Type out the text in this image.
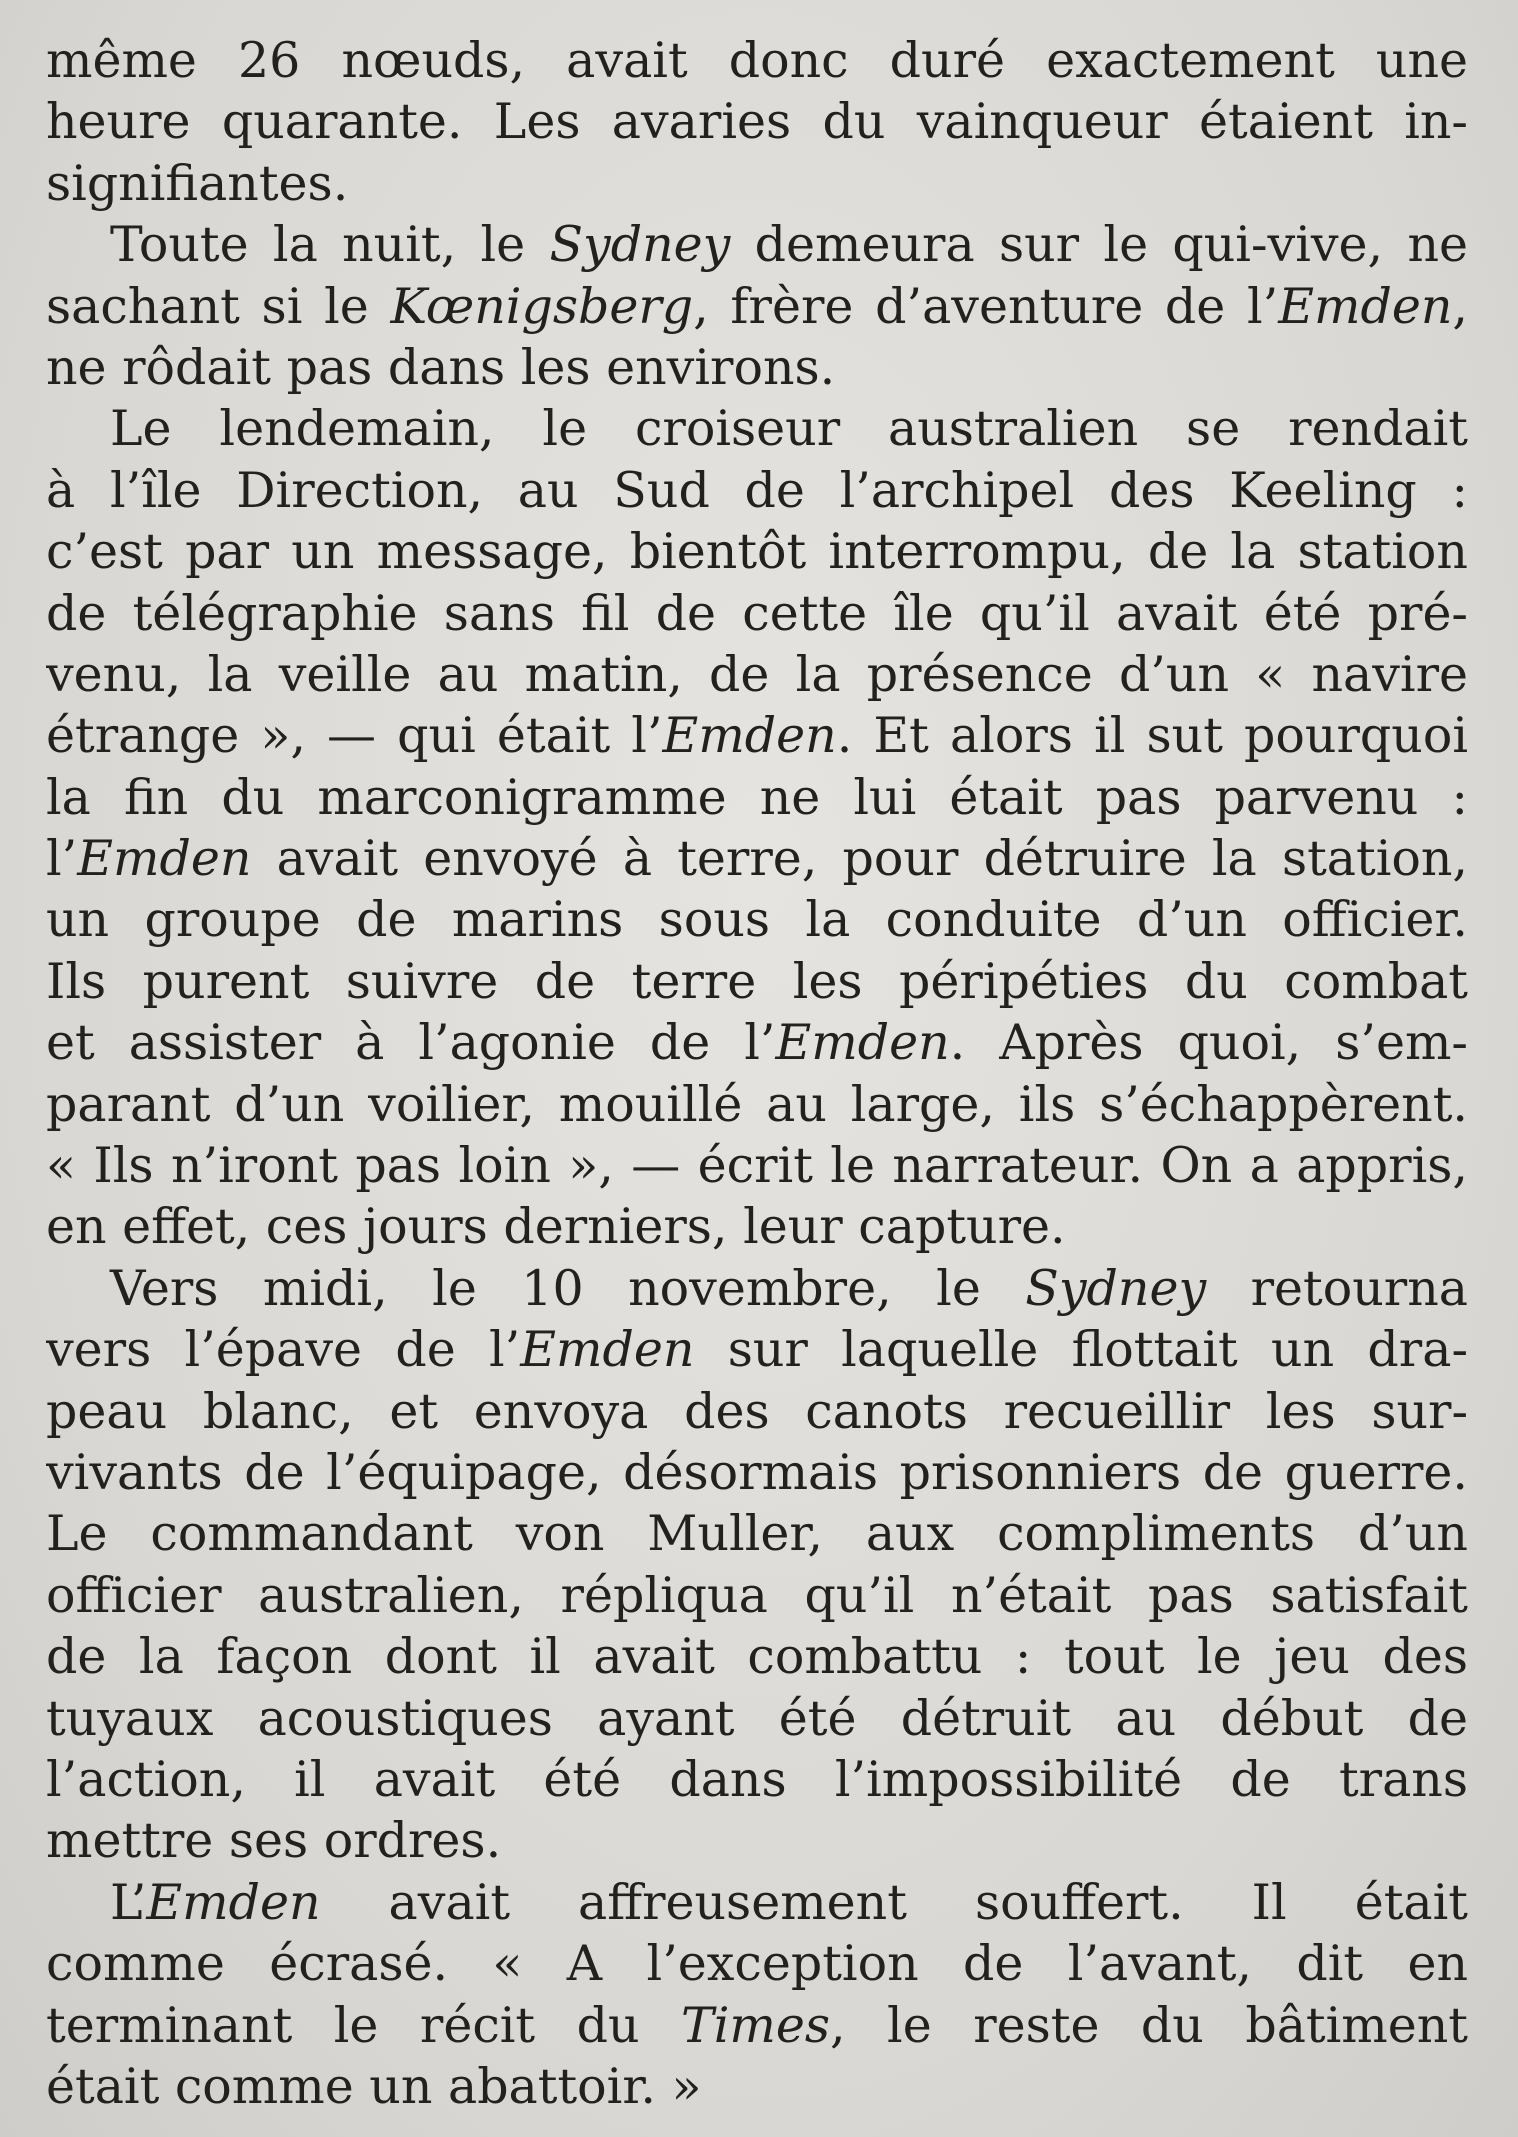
même 26 nœuds, avait donc duré exactement une
heure quarante. Les avaries du vainqueur étaient in-
signifiantes.
Toute la nuit, le Sydney demeura sur le qui-vive, ne
sachant si le Kœnigsberg, frère d’aventure de l’Emden,
ne rôdait pas dans les environs.
Le lendemain, le croiseur australien se rendait
à l’île Direction, au Sud de l’archipel des Keeling :
c’est par un message, bientôt interrompu, de la station
de télégraphie sans fil de cette île qu’il avait été pré-
venu, la veille au matin, de la présence d’un « navire
étrange », — qui était l’Emden. Et alors il sut pourquoi
la fin du marconigramme ne lui était pas parvenu :
l’Emden avait envoyé à terre, pour détruire la station,
un groupe de marins sous la conduite d’un officier.
Ils purent suivre de terre les péripéties du combat
et assister à l’agonie de l’Emden. Après quoi, s’em-
parant d’un voilier, mouillé au large, ils s’échappèrent.
« Ils n’iront pas loin », — écrit le narrateur. On a appris,
en effet, ces jours derniers, leur capture.
Vers midi, le 10 novembre, le Sydney retourna
vers l’épave de l’Emden sur laquelle flottait un dra-
peau blanc, et envoya des canots recueillir les sur-
vivants de l’équipage, désormais prisonniers de guerre.
Le commandant von Muller, aux compliments d’un
officier australien, répliqua qu’il n’était pas satisfait
de la façon dont il avait combattu : tout le jeu des
tuyaux acoustiques ayant été détruit au début de
l’action, il avait été dans l’impossibilité de trans
mettre ses ordres.
L’Emden avait affreusement souffert. Il était
comme écrasé. « A l’exception de l’avant, dit en
terminant le récit du Times, le reste du bâtiment
était comme un abattoir. »
